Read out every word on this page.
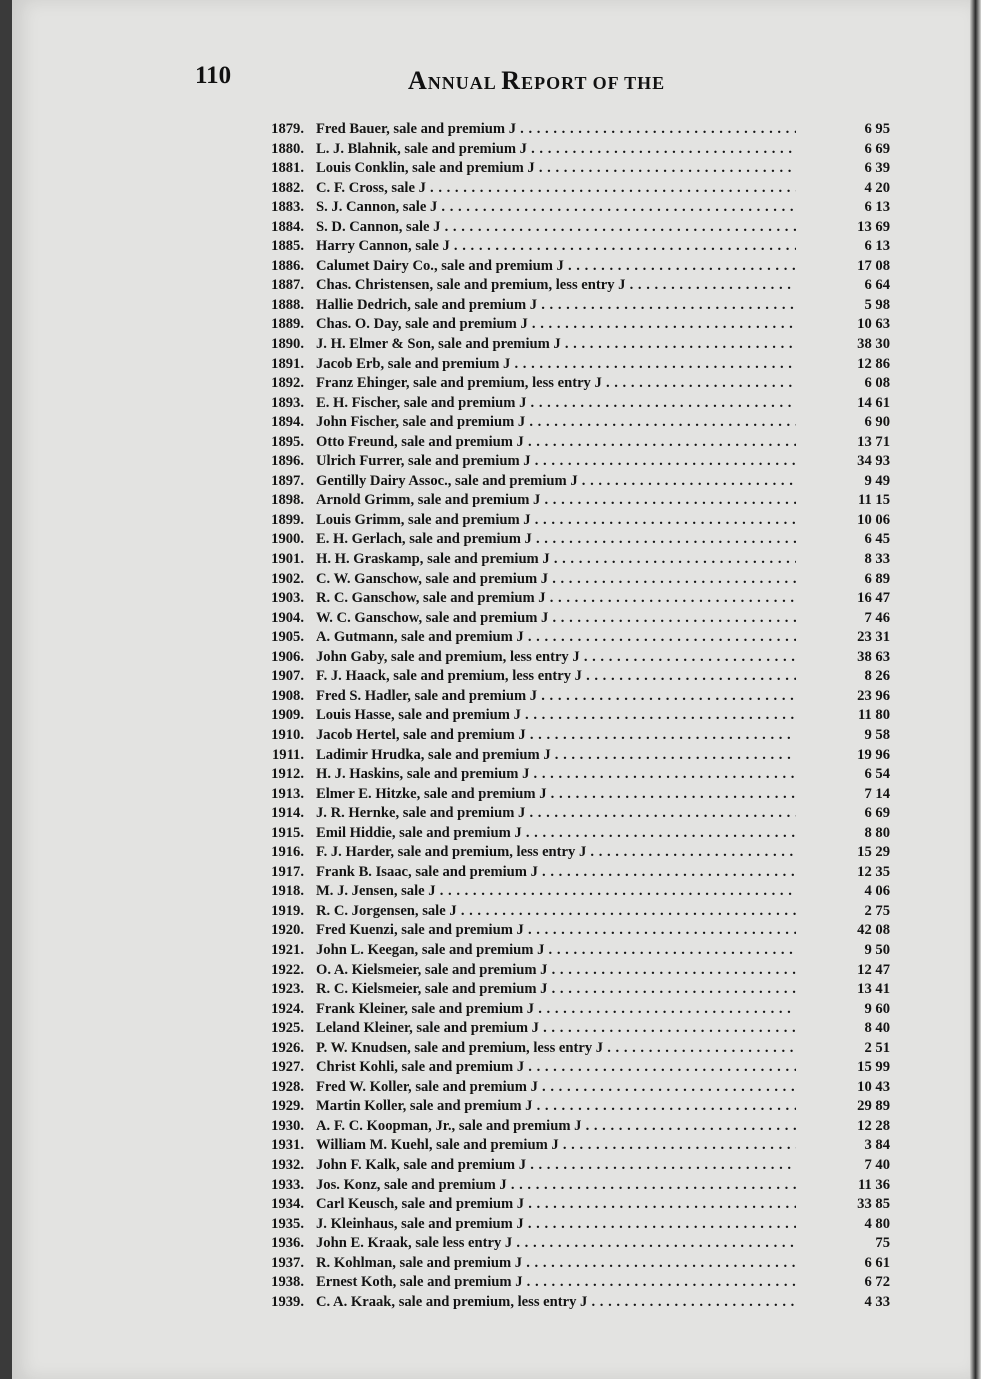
110	ANNUAL REPORT OF THE
1879. Fred Bauer, sale and premium J . . .	6 95
1880. L. J. Blahnik, sale and premium J . . .	6 69
1881. Louis Conklin, sale and premium J . . .	6 39
1882. C. F. Cross, sale J . . .	4 20
1883. S. J. Cannon, sale J . . .	6 13
1884. S. D. Cannon, sale J . . .	13 69
1885. Harry Cannon, sale J . . .	6 13
1886. Calumet Dairy Co., sale and premium J . . .	17 08
1887. Chas. Christensen, sale and premium, less entry J . . .	6 64
1888. Hallie Dedrich, sale and premium J . . .	5 98
1889. Chas. O. Day, sale and premium J . . .	10 63
1890. J. H. Elmer & Son, sale and premium J . . .	38 30
1891. Jacob Erb, sale and premium J . . .	12 86
1892. Franz Ehinger, sale and premium, less entry J . . .	6 08
1893. E. H. Fischer, sale and premium J . . .	14 61
1894. John Fischer, sale and premium J . . .	6 90
1895. Otto Freund, sale and premium J . . .	13 71
1896. Ulrich Furrer, sale and premium J . . .	34 93
1897. Gentilly Dairy Assoc., sale and premium J . . .	9 49
1898. Arnold Grimm, sale and premium J . . .	11 15
1899. Louis Grimm, sale and premium J . . .	10 06
1900. E. H. Gerlach, sale and premium J . . .	6 45
1901. H. H. Graskamp, sale and premium J . . .	8 33
1902. C. W. Ganschow, sale and premium J . . .	6 89
1903. R. C. Ganschow, sale and premium J . . .	16 47
1904. W. C. Ganschow, sale and premium J . . .	7 46
1905. A. Gutmann, sale and premium J . . .	23 31
1906. John Gaby, sale and premium, less entry J . . .	38 63
1907. F. J. Haack, sale and premium, less entry J . . .	8 26
1908. Fred S. Hadler, sale and premium J . . .	23 96
1909. Louis Hasse, sale and premium J . . .	11 80
1910. Jacob Hertel, sale and premium J . . .	9 58
1911. Ladimir Hrudka, sale and premium J . . .	19 96
1912. H. J. Haskins, sale and premium J . . .	6 54
1913. Elmer E. Hitzke, sale and premium J . . .	7 14
1914. J. R. Hernke, sale and premium J . . .	6 69
1915. Emil Hiddie, sale and premium J . . .	8 80
1916. F. J. Harder, sale and premium, less entry J . . .	15 29
1917. Frank B. Isaac, sale and premium J . . .	12 35
1918. M. J. Jensen, sale J . . .	4 06
1919. R. C. Jorgensen, sale J . . .	2 75
1920. Fred Kuenzi, sale and premium J . . .	42 08
1921. John L. Keegan, sale and premium J . . .	9 50
1922. O. A. Kielsmeier, sale and premium J . . .	12 47
1923. R. C. Kielsmeier, sale and premium J . . .	13 41
1924. Frank Kleiner, sale and premium J . . .	9 60
1925. Leland Kleiner, sale and premium J . . .	8 40
1926. P. W. Knudsen, sale and premium, less entry J . . .	2 51
1927. Christ Kohli, sale and premium J . . .	15 99
1928. Fred W. Koller, sale and premium J . . .	10 43
1929. Martin Koller, sale and premium J . . .	29 89
1930. A. F. C. Koopman, Jr., sale and premium J . . .	12 28
1931. William M. Kuehl, sale and premium J . . .	3 84
1932. John F. Kalk, sale and premium J . . .	7 40
1933. Jos. Konz, sale and premium J . . .	11 36
1934. Carl Keusch, sale and premium J . . .	33 85
1935. J. Kleinhaus, sale and premium J . . .	4 80
1936. John E. Kraak, sale less entry J . . .	75
1937. R. Kohlman, sale and premium J . . .	6 61
1938. Ernest Koth, sale and premium J . . .	6 72
1939. C. A. Kraak, sale and premium, less entry J . . .	4 33
